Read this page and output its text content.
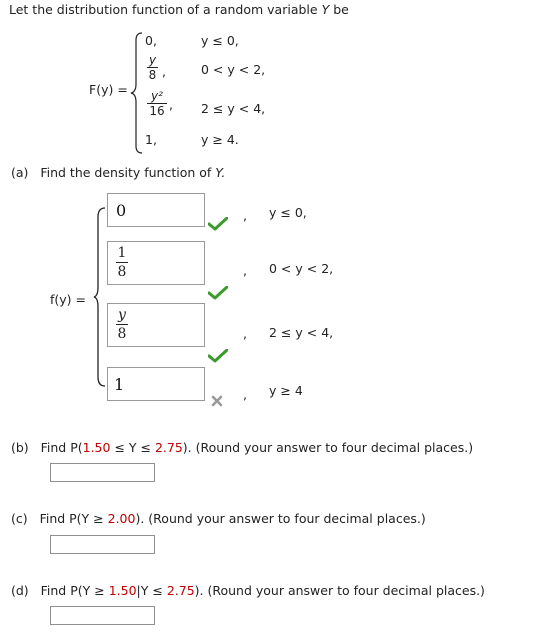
Let the distribution function of a random variable Y be
F(y) =
0,	y ≤ 0,
y
8 ,	0 < y < 2,
y²
16 , 2 ≤ y < 4,
1,	y ≥ 4.
(a) Find the density function of Y.
f(y) =
0	, y ≤ 0,
1
8	, 0 < y < 2,
y
8	, 2 ≤ y < 4,
1
, y ≥ 4
(b) Find P(1.50 ≤ Y ≤ 2.75). (Round your answer to four decimal places.)
(c) Find P(Y ≥ 2.00). (Round your answer to four decimal places.)
(d) Find P(Y ≥ 1.50|Y ≤ 2.75). (Round your answer to four decimal places.)
